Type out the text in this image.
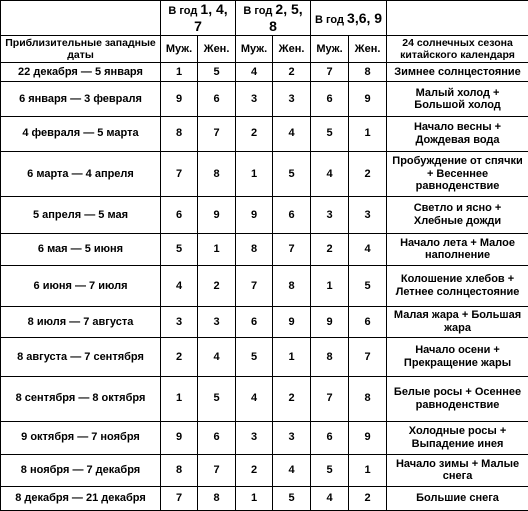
	В год 1, 4, 7		В год 2, 5, 8		В год 3,6, 9		
Приблизительные западные даты	Муж.	Жен.	Муж.	Жен.	Муж.	Жен.	24 солнечных сезона китайского календаря
22 декабря — 5 января	1	5	4	2	7	8	Зимнее солнцестояние
6 января — 3 февраля	9	6	3	3	6	9	Малый холод + Большой холод
4 февраля — 5 марта	8	7	2	4	5	1	Начало весны + Дождевая вода
6 марта — 4 апреля	7	8	1	5	4	2	Пробуждение от спячки + Весеннее равноденствие
5 апреля — 5 мая	6	9	9	6	3	3	Светло и ясно + Хлебные дожди
6 мая — 5 июня	5	1	8	7	2	4	Начало лета + Малое наполнение
6 июня — 7 июля	4	2	7	8	1	5	Колошение хлебов + Летнее солнцестояние
8 июля — 7 августа	3	3	6	9	9	6	Малая жара + Большая жара
8 августа — 7 сентября	2	4	5	1	8	7	Начало осени + Прекращение жары
8 сентября — 8 октября	1	5	4	2	7	8	Белые росы + Осеннее равноденствие
9 октября — 7 ноября	9	6	3	3	6	9	Холодные росы + Выпадение инея
8 ноября — 7 декабря	8	7	2	4	5	1	Начало зимы + Малые снега
8 декабря — 21 декабря	7	8	1	5	4	2	Большие снега
